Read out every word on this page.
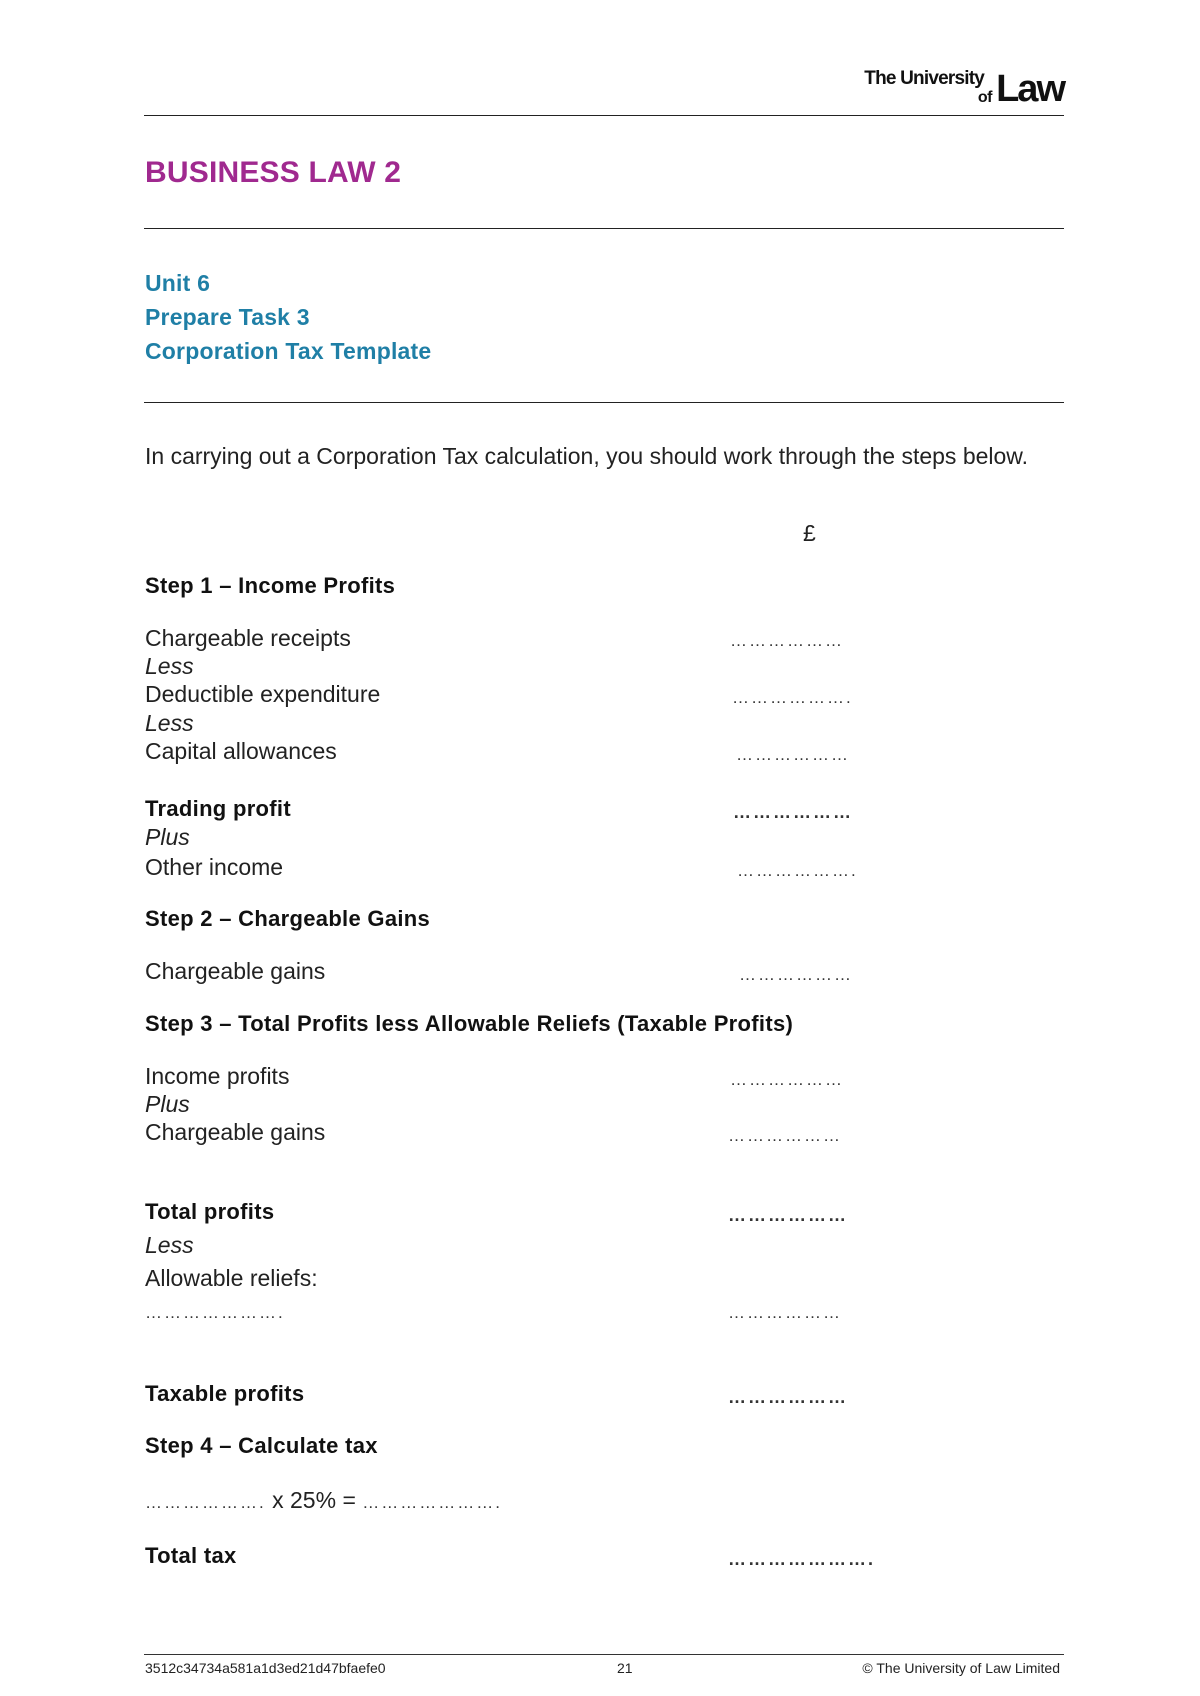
The University
of Law
BUSINESS LAW 2
Unit 6
Prepare Task 3
Corporation Tax Template
In carrying out a Corporation Tax calculation, you should work through the steps below.
£
Step 1 – Income Profits
Chargeable receipts	………………
Less
Deductible expenditure	……………….
Less
Capital allowances	………………
Trading profit	………………
Plus
Other income	……………….
Step 2 – Chargeable Gains
Chargeable gains	………………
Step 3 – Total Profits less Allowable Reliefs (Taxable Profits)
Income profits	………………
Plus
Chargeable gains	………………
Total profits	………………
Less
Allowable reliefs:
………………….	………………
Taxable profits	………………
Step 4 – Calculate tax
………………. x 25% = ………………….
Total tax	………………….
3512c34734a581a1d3ed21d47bfaefe0	21	© The University of Law Limited
